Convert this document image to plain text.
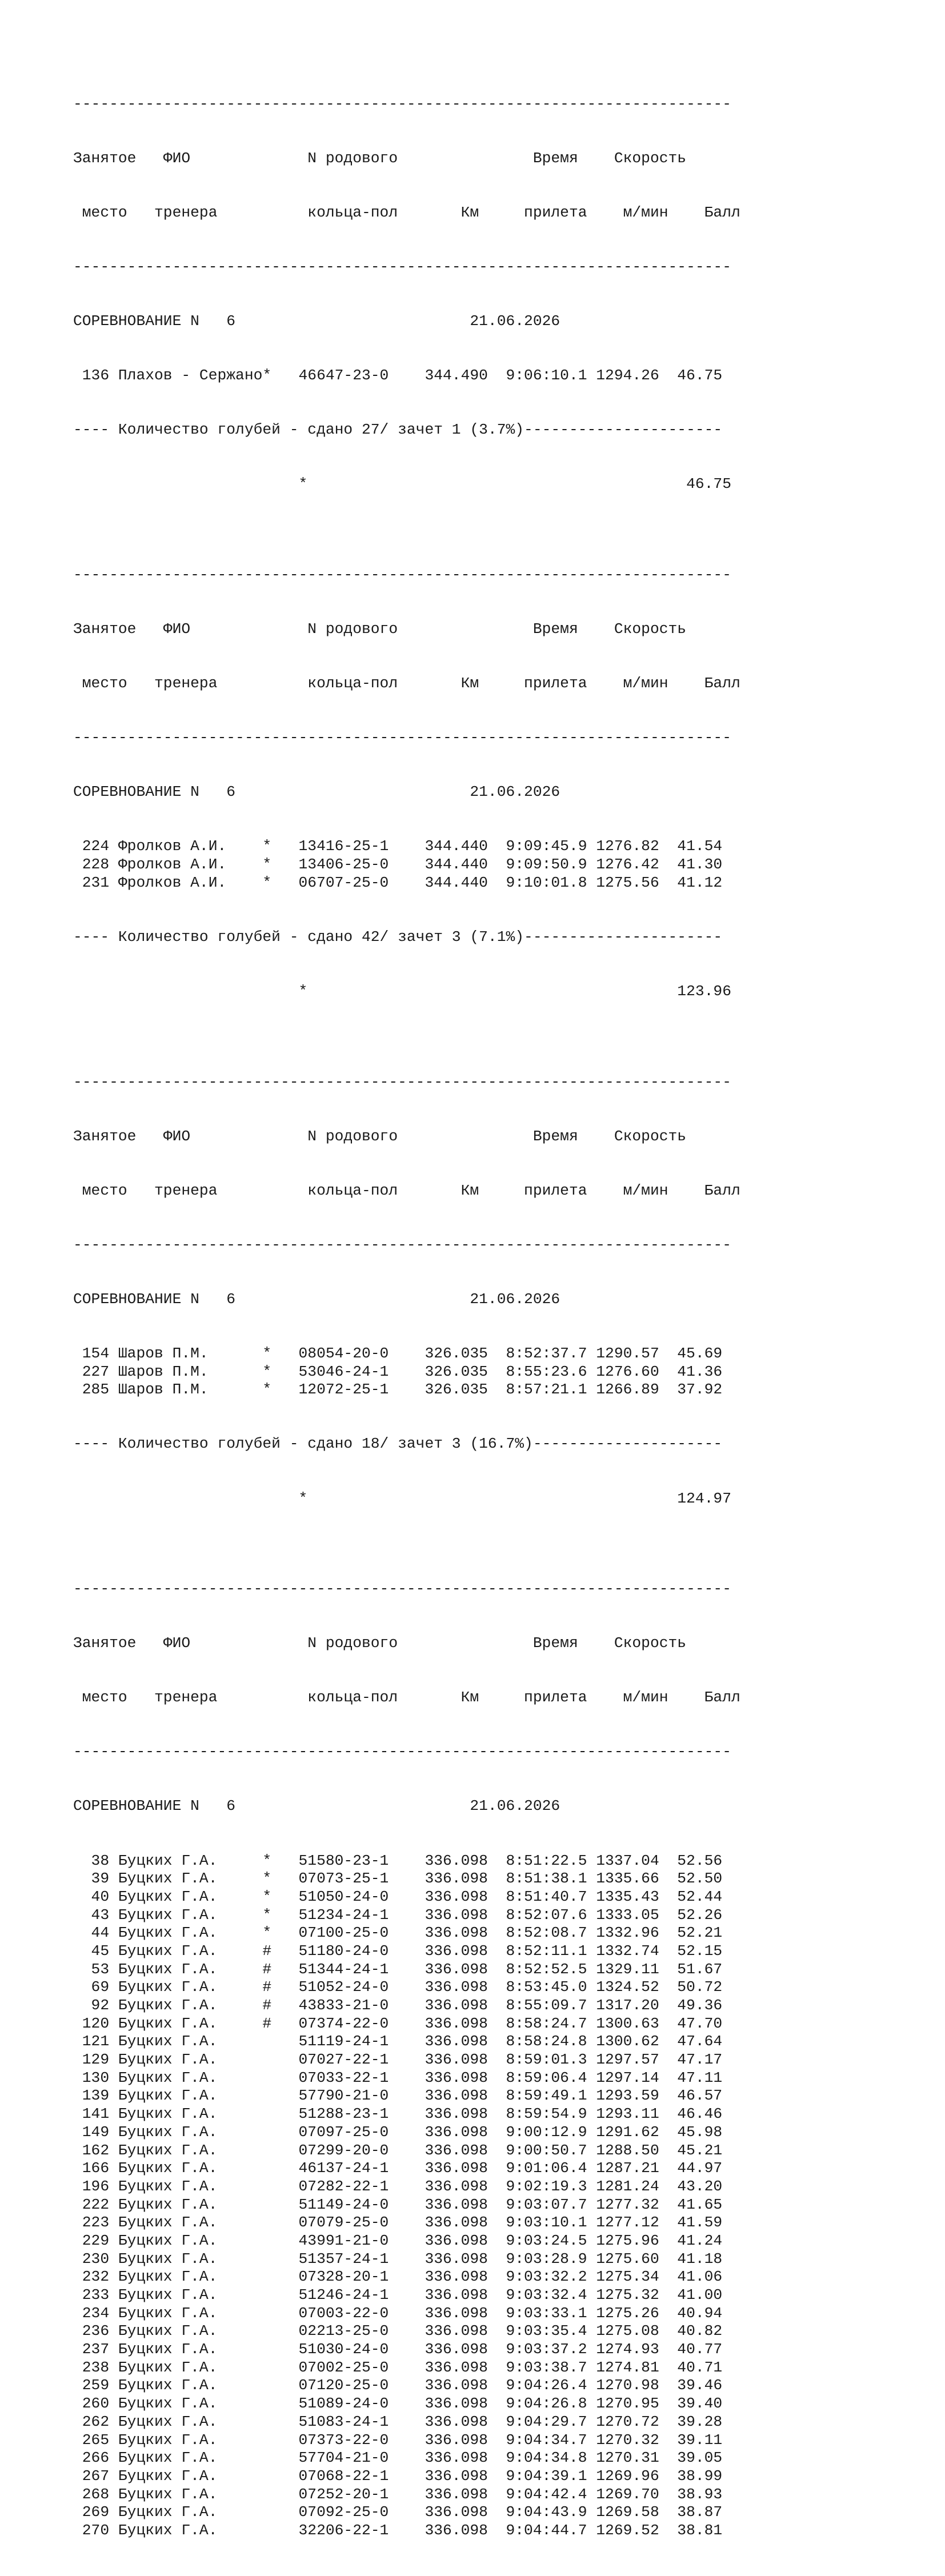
-------------------------------------------------------------------------

Занятое   ФИО             N родового               Время    Скорость

место   тренера          кольца-пол       Км     прилета    м/мин    Балл

-------------------------------------------------------------------------

СОРЕВНОВАНИЕ N   6                          21.06.2026

136 Плахов - Сержано*   46647-23-0    344.490  9:06:10.1 1294.26  46.75

---- Количество голубей - сдано 27/ зачет 1 (3.7%)----------------------

*                                          46.75

-------------------------------------------------------------------------

Занятое   ФИО             N родового               Время    Скорость

место   тренера          кольца-пол       Км     прилета    м/мин    Балл

-------------------------------------------------------------------------

СОРЕВНОВАНИЕ N   6                          21.06.2026

224 Фролков А.И.    *   13416-25-1    344.440  9:09:45.9 1276.82  41.54
228 Фролков А.И.    *   13406-25-0    344.440  9:09:50.9 1276.42  41.30
231 Фролков А.И.    *   06707-25-0    344.440  9:10:01.8 1275.56  41.12

---- Количество голубей - сдано 42/ зачет 3 (7.1%)----------------------

*                                         123.96

-------------------------------------------------------------------------

Занятое   ФИО             N родового               Время    Скорость

место   тренера          кольца-пол       Км     прилета    м/мин    Балл

-------------------------------------------------------------------------

СОРЕВНОВАНИЕ N   6                          21.06.2026

154 Шаров П.М.      *   08054-20-0    326.035  8:52:37.7 1290.57  45.69
227 Шаров П.М.      *   53046-24-1    326.035  8:55:23.6 1276.60  41.36
285 Шаров П.М.      *   12072-25-1    326.035  8:57:21.1 1266.89  37.92

---- Количество голубей - сдано 18/ зачет 3 (16.7%)---------------------

*                                         124.97

-------------------------------------------------------------------------

Занятое   ФИО             N родового               Время    Скорость

место   тренера          кольца-пол       Км     прилета    м/мин    Балл

-------------------------------------------------------------------------

СОРЕВНОВАНИЕ N   6                          21.06.2026

38 Буцких Г.А.     *   51580-23-1    336.098  8:51:22.5 1337.04  52.56
39 Буцких Г.А.     *   07073-25-1    336.098  8:51:38.1 1335.66  52.50
40 Буцких Г.А.     *   51050-24-0    336.098  8:51:40.7 1335.43  52.44
43 Буцких Г.А.     *   51234-24-1    336.098  8:52:07.6 1333.05  52.26
44 Буцких Г.А.     *   07100-25-0    336.098  8:52:08.7 1332.96  52.21
45 Буцких Г.А.     #   51180-24-0    336.098  8:52:11.1 1332.74  52.15
53 Буцких Г.А.     #   51344-24-1    336.098  8:52:52.5 1329.11  51.67
69 Буцких Г.А.     #   51052-24-0    336.098  8:53:45.0 1324.52  50.72
92 Буцких Г.А.     #   43833-21-0    336.098  8:55:09.7 1317.20  49.36
120 Буцких Г.А.     #   07374-22-0    336.098  8:58:24.7 1300.63  47.70
121 Буцких Г.А.         51119-24-1    336.098  8:58:24.8 1300.62  47.64
129 Буцких Г.А.         07027-22-1    336.098  8:59:01.3 1297.57  47.17
130 Буцких Г.А.         07033-22-1    336.098  8:59:06.4 1297.14  47.11
139 Буцких Г.А.         57790-21-0    336.098  8:59:49.1 1293.59  46.57
141 Буцких Г.А.         51288-23-1    336.098  8:59:54.9 1293.11  46.46
149 Буцких Г.А.         07097-25-0    336.098  9:00:12.9 1291.62  45.98
162 Буцких Г.А.         07299-20-0    336.098  9:00:50.7 1288.50  45.21
166 Буцких Г.А.         46137-24-1    336.098  9:01:06.4 1287.21  44.97
196 Буцких Г.А.         07282-22-1    336.098  9:02:19.3 1281.24  43.20
222 Буцких Г.А.         51149-24-0    336.098  9:03:07.7 1277.32  41.65
223 Буцких Г.А.         07079-25-0    336.098  9:03:10.1 1277.12  41.59
229 Буцких Г.А.         43991-21-0    336.098  9:03:24.5 1275.96  41.24
230 Буцких Г.А.         51357-24-1    336.098  9:03:28.9 1275.60  41.18
232 Буцких Г.А.         07328-20-1    336.098  9:03:32.2 1275.34  41.06
233 Буцких Г.А.         51246-24-1    336.098  9:03:32.4 1275.32  41.00
234 Буцких Г.А.         07003-22-0    336.098  9:03:33.1 1275.26  40.94
236 Буцких Г.А.         02213-25-0    336.098  9:03:35.4 1275.08  40.82
237 Буцких Г.А.         51030-24-0    336.098  9:03:37.2 1274.93  40.77
238 Буцких Г.А.         07002-25-0    336.098  9:03:38.7 1274.81  40.71
259 Буцких Г.А.         07120-25-0    336.098  9:04:26.4 1270.98  39.46
260 Буцких Г.А.         51089-24-0    336.098  9:04:26.8 1270.95  39.40
262 Буцких Г.А.         51083-24-1    336.098  9:04:29.7 1270.72  39.28
265 Буцких Г.А.         07373-22-0    336.098  9:04:34.7 1270.32  39.11
266 Буцких Г.А.         57704-21-0    336.098  9:04:34.8 1270.31  39.05
267 Буцких Г.А.         07068-22-1    336.098  9:04:39.1 1269.96  38.99
268 Буцких Г.А.         07252-20-1    336.098  9:04:42.4 1269.70  38.93
269 Буцких Г.А.         07092-25-0    336.098  9:04:43.9 1269.58  38.87
270 Буцких Г.А.         32206-22-1    336.098  9:04:44.7 1269.52  38.81
